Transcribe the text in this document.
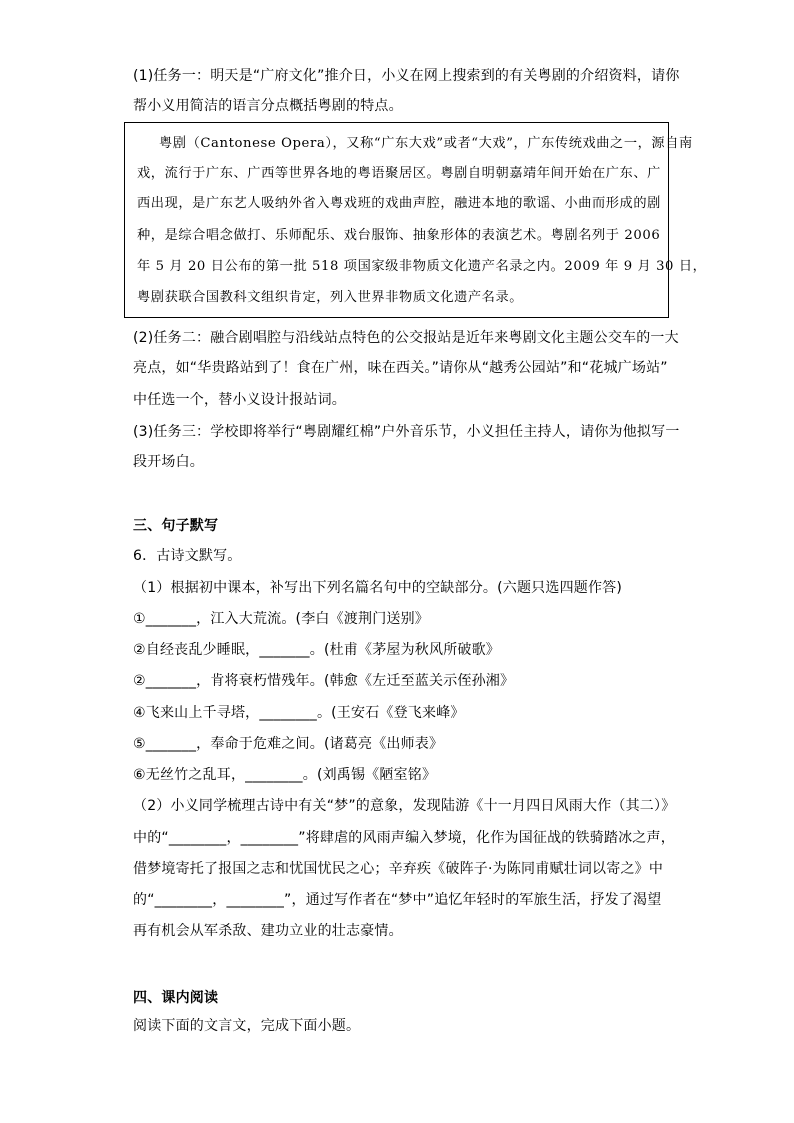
(1)任务一：明天是“广府文化”推介日，小义在网上搜索到的有关粤剧的介绍资料，请你
帮小义用简洁的语言分点概括粤剧的特点。
粤剧（Cantonese Opera），又称“广东大戏”或者“大戏”，广东传统戏曲之一，源自南
戏，流行于广东、广西等世界各地的粤语聚居区。粤剧自明朝嘉靖年间开始在广东、广
西出现，是广东艺人吸纳外省入粤戏班的戏曲声腔，融进本地的歌谣、小曲而形成的剧
种，是综合唱念做打、乐师配乐、戏台服饰、抽象形体的表演艺术。粤剧名列于 2006
年 5 月 20 日公布的第一批 518 项国家级非物质文化遗产名录之内。2009 年 9 月 30 日，
粤剧获联合国教科文组织肯定，列入世界非物质文化遗产名录。
(2)任务二：融合剧唱腔与沿线站点特色的公交报站是近年来粤剧文化主题公交车的一大
亮点，如“华贵路站到了！食在广州，味在西关。”请你从“越秀公园站”和“花城广场站”
中任选一个，替小义设计报站词。
(3)任务三：学校即将举行“粤剧耀红棉”户外音乐节，小义担任主持人，请你为他拟写一
段开场白。
三、句子默写
6．古诗文默写。
（1）根据初中课本，补写出下列名篇名句中的空缺部分。(六题只选四题作答)
①_______，江入大荒流。(李白《渡荆门送别》
②自经丧乱少睡眠，_______。(杜甫《茅屋为秋风所破歌》
②_______，肯将衰朽惜残年。(韩愈《左迁至蓝关示侄孙湘》
④飞来山上千寻塔，________。(王安石《登飞来峰》
⑤_______，奉命于危难之间。(诸葛亮《出师表》
⑥无丝竹之乱耳，________。(刘禹锡《陋室铭》
（2）小义同学梳理古诗中有关“梦”的意象，发现陆游《十一月四日风雨大作（其二）》
中的“________，________”将肆虐的风雨声编入梦境，化作为国征战的铁骑踏冰之声，
借梦境寄托了报国之志和忧国忧民之心；辛弃疾《破阵子·为陈同甫赋壮词以寄之》中
的“________，________”，通过写作者在“梦中”追忆年轻时的军旅生活，抒发了渴望
再有机会从军杀敌、建功立业的壮志豪情。
四、课内阅读
阅读下面的文言文，完成下面小题。
